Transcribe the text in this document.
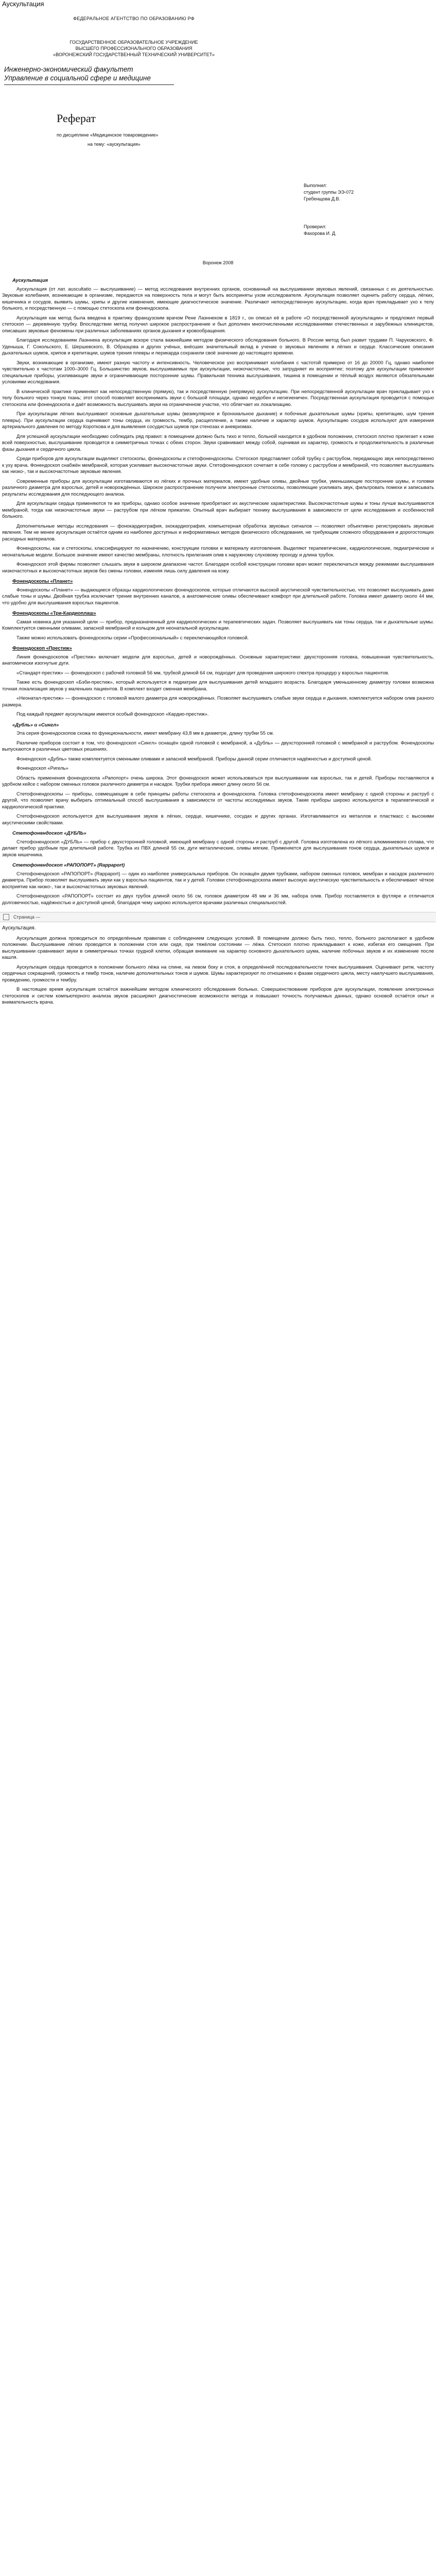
Аускультация
ФЕДЕРАЛЬНОЕ АГЕНТСТВО ПО ОБРАЗОВАНИЮ РФ
ГОСУДАРСТВЕННОЕ ОБРАЗОВАТЕЛЬНОЕ УЧРЕЖДЕНИЕ
ВЫСШЕГО ПРОФЕССИОНАЛЬНОГО ОБРАЗОВАНИЯ
«ВОРОНЕЖСКИЙ ГОСУДАРСТВЕННЫЙ ТЕХНИЧЕСКИЙ УНИВЕРСИТЕТ»
Инженерно-экономический факультет
Управление в социальной сфере и медицине
Реферат
по дисциплине «Медицинское товароведение»
на тему: «аускультация»
Выполнил:
студент группы ЭЭ-072
Гребенщова Д.В.
Проверил:
Фахорова И. Д.
Воронеж 2008
Аускультация
Аускультация (от лат. auscultatio — выслушивание) — метод исследования внутренних органов, основанный на выслушивании звуковых явлений, связанных с их деятельностью. Звуковые колебания, возникающие в организме, передаются на поверхность тела и могут быть восприняты ухом исследователя. Аускультация позволяет оценить работу сердца, лёгких, кишечника и сосудов, выявить шумы, хрипы и другие изменения, имеющие диагностическое значение. Различают непосредственную аускультацию, когда врач прикладывает ухо к телу больного, и посредственную — с помощью стетоскопа или фонендоскопа.
Аускультация как метод была введена в практику французским врачом Рене Лаэннеком в 1819 г., он описал её в работе «О посредственной аускультации» и предложил первый стетоскоп — деревянную трубку. Впоследствии метод получил широкое распространение и был дополнен многочисленными исследованиями отечественных и зарубежных клиницистов, описавших звуковые феномены при различных заболеваниях органов дыхания и кровообращения.
Благодаря исследованиям Лаэннека аускультация вскоре стала важнейшим методом физического обследования больного. В России метод был развит трудами П. Чаруковского, Ф. Уденыша, Г. Сокольского, Е. Шершевского, В. Образцова и других учёных, внёсших значительный вклад в учение о звуковых явлениях в лёгких и сердце. Классические описания дыхательных шумов, хрипов и крепитации, шумов трения плевры и перикарда сохранили своё значение до настоящего времени.
Звуки, возникающие в организме, имеют разную частоту и интенсивность. Человеческое ухо воспринимает колебания с частотой примерно от 16 до 20000 Гц, однако наиболее чувствительно к частотам 1000–3000 Гц. Большинство звуков, выслушиваемых при аускультации, низкочастотные, что затрудняет их восприятие; поэтому для аускультации применяют специальные приборы, усиливающие звуки и ограничивающие посторонние шумы. Правильная техника выслушивания, тишина в помещении и тёплый воздух являются обязательными условиями исследования.
В клинической практике применяют как непосредственную (прямую), так и посредственную (непрямую) аускультацию. При непосредственной аускультации врач прикладывает ухо к телу больного через тонкую ткань; этот способ позволяет воспринимать звуки с большой площади, однако неудобен и негигиеничен. Посредственная аускультация проводится с помощью стетоскопа или фонендоскопа и даёт возможность выслушивать звуки на ограниченном участке, что облегчает их локализацию.
При аускультации лёгких выслушивают основные дыхательные шумы (везикулярное и бронхиальное дыхание) и побочные дыхательные шумы (хрипы, крепитацию, шум трения плевры). При аускультации сердца оценивают тоны сердца, их громкость, тембр, расщепление, а также наличие и характер шумов. Аускультацию сосудов используют для измерения артериального давления по методу Короткова и для выявления сосудистых шумов при стенозах и аневризмах.
Для успешной аускультации необходимо соблюдать ряд правил: в помещении должно быть тихо и тепло, больной находится в удобном положении, стетоскоп плотно прилегает к коже всей поверхностью, выслушивание проводится в симметричных точках с обеих сторон. Звуки сравнивают между собой, оценивая их характер, громкость и продолжительность в различные фазы дыхания и сердечного цикла.
Среди приборов для аускультации выделяют стетоскопы, фонендоскопы и стетофонендоскопы. Стетоскоп представляет собой трубку с раструбом, передающую звук непосредственно к уху врача. Фонендоскоп снабжён мембраной, которая усиливает высокочастотные звуки. Стетофонендоскоп сочетает в себе головку с раструбом и мембраной, что позволяет выслушивать как низко-, так и высокочастотные звуковые явления.
Современные приборы для аускультации изготавливаются из лёгких и прочных материалов, имеют удобные оливы, двойные трубки, уменьшающие посторонние шумы, и головки различного диаметра для взрослых, детей и новорождённых. Широкое распространение получили электронные стетоскопы, позволяющие усиливать звук, фильтровать помехи и записывать результаты исследования для последующего анализа.
Для аускультации сердца применяются те же приборы, однако особое значение приобретают их акустические характеристики. Высокочастотные шумы и тоны лучше выслушиваются мембраной, тогда как низкочастотные звуки — раструбом при лёгком прижатии. Опытный врач выбирает технику выслушивания в зависимости от цели исследования и особенностей больного.
Дополнительные методы исследования — фонокардиография, эхокардиография, компьютерная обработка звуковых сигналов — позволяют объективно регистрировать звуковые явления. Тем не менее аускультация остаётся одним из наиболее доступных и информативных методов физического обследования, не требующим сложного оборудования и дорогостоящих расходных материалов.
Фонендоскопы, как и стетоскопы, классифицируют по назначению, конструкции головки и материалу изготовления. Выделяют терапевтические, кардиологические, педиатрические и неонатальные модели. Большое значение имеют качество мембраны, плотность прилегания олив к наружному слуховому проходу и длина трубок.
Фонендоскоп этой фирмы позволяет слышать звуки в широком диапазоне частот. Благодаря особой конструкции головки врач может переключаться между режимами выслушивания низкочастотных и высокочастотных звуков без смены головки, изменяя лишь силу давления на кожу.
Фонендоскопы «Планет»
Фонендоскопы «Планет» — выдающиеся образцы кардиологических фонендоскопов, которые отличаются высокой акустической чувствительностью, что позволяет выслушивать даже слабые тоны и шумы. Двойная трубка исключает трение внутренних каналов, а анатомические оливы обеспечивают комфорт при длительной работе. Головка имеет диаметр около 44 мм, что удобно для выслушивания взрослых пациентов.
Фонендоскопы «Три-Кардиоплаш»
Самая новинка для указанной цели — прибор, предназначенный для кардиологических и терапевтических задач. Позволяет выслушивать как тоны сердца, так и дыхательные шумы. Комплектуется сменными оливами, запасной мембраной и кольцом для неонатальной аускультации.
Также можно использовать фонендоскопы серии «Профессиональный» с переключающейся головкой.
Фонендоскоп «Престиж»
Линия фонендоскопов «Престиж» включает модели для взрослых, детей и новорождённых. Основные характеристики: двухсторонняя головка, повышенная чувствительность, анатомически изогнутые дуги.
«Стандарт-престиж» — фонендоскоп с рабочей головкой 56 мм, трубкой длиной 64 см, подходит для проведения широкого спектра процедур у взрослых пациентов.
Также есть фонендоскоп «Бэби-престиж», который используется в педиатрии для выслушивания детей младшего возраста. Благодаря уменьшенному диаметру головки возможна точная локализация звуков у маленьких пациентов. В комплект входит сменная мембрана.
«Неонатал-престиж» — фонендоскоп с головкой малого диаметра для новорождённых. Позволяет выслушивать слабые звуки сердца и дыхания, комплектуется набором олив разного размера.
Под каждый предмет аускультации имеется особый фонендоскоп «Кардио-престиж».
«Дубль» и «Сингл»
Эта серия фонендоскопов схожа по функциональности, имеет мембрану 43,8 мм в диаметре, длину трубки 55 см.
Различие приборов состоит в том, что фонендоскоп «Сингл» оснащён одной головкой с мембраной, а «Дубль» — двухсторонней головкой с мембраной и раструбом. Фонендоскопы выпускаются в различных цветовых решениях.
Фонендоскоп «Дубль» также комплектуется сменными оливами и запасной мембраной. Приборы данной серии отличаются надёжностью и доступной ценой.
Фонендоскоп «Ригель»
Область применения фонендоскопа «Рапопорт» очень широка. Этот фонендоскоп может использоваться при выслушивании как взрослых, так и детей. Приборы поставляются в удобном кейсе с набором сменных головок различного диаметра и насадок. Трубки прибора имеют длину около 56 см.
Стетофонендоскопы — приборы, совмещающие в себе принципы работы стетоскопа и фонендоскопа. Головка стетофонендоскопа имеет мембрану с одной стороны и раструб с другой, что позволяет врачу выбирать оптимальный способ выслушивания в зависимости от частоты исследуемых звуков. Такие приборы широко используются в терапевтической и кардиологической практике.
Стетофонендоскоп используется для выслушивания звуков в лёгких, сердце, кишечнике, сосудах и других органах. Изготавливается из металлов и пластмасс с высокими акустическими свойствами.
Стетофонендоскоп «ДУБЛЬ»
Стетофонендоскоп «ДУБЛЬ» — прибор с двухсторонней головкой, имеющей мембрану с одной стороны и раструб с другой. Головка изготовлена из лёгкого алюминиевого сплава, что делает прибор удобным при длительной работе. Трубка из ПВХ длиной 55 см, дуги металлические, оливы мягкие. Применяется для выслушивания тонов сердца, дыхательных шумов и звуков кишечника.
Стетофонендоскоп «РАПОПОРТ» (Rappaport)
Стетофонендоскоп «РАПОПОРТ» (Rappaport) — один из наиболее универсальных приборов. Он оснащён двумя трубками, набором сменных головок, мембран и насадок различного диаметра. Прибор позволяет выслушивать звуки как у взрослых пациентов, так и у детей. Головки стетофонендоскопа имеют высокую акустическую чувствительность и обеспечивают чёткое восприятие как низко-, так и высокочастотных звуковых явлений.
Стетофонендоскоп «РАПОПОРТ» состоит из двух трубок длиной около 56 см, головок диаметром 48 мм и 36 мм, набора олив. Прибор поставляется в футляре и отличается долговечностью, надёжностью и доступной ценой, благодаря чему широко используется врачами различных специальностей.
Страница —
Аускультация.
Аускультация должна проводиться по определённым правилам с соблюдением следующих условий. В помещении должно быть тихо, тепло, больного располагают в удобном положении. Выслушивание лёгких проводится в положении стоя или сидя, при тяжёлом состоянии — лёжа. Стетоскоп плотно прикладывают к коже, избегая его смещения. При выслушивании сравнивают звуки в симметричных точках грудной клетки, обращая внимание на характер основного дыхательного шума, наличие побочных звуков и их изменение после кашля.
Аускультация сердца проводится в положении больного лёжа на спине, на левом боку и стоя, в определённой последовательности точек выслушивания. Оценивают ритм, частоту сердечных сокращений, громкость и тембр тонов, наличие дополнительных тонов и шумов. Шумы характеризуют по отношению к фазам сердечного цикла, месту наилучшего выслушивания, проведению, громкости и тембру.
В настоящее время аускультация остаётся важнейшим методом клинического обследования больных. Совершенствование приборов для аускультации, появление электронных стетоскопов и систем компьютерного анализа звуков расширяют диагностические возможности метода и повышают точность получаемых данных, однако основой остаётся опыт и внимательность врача.
